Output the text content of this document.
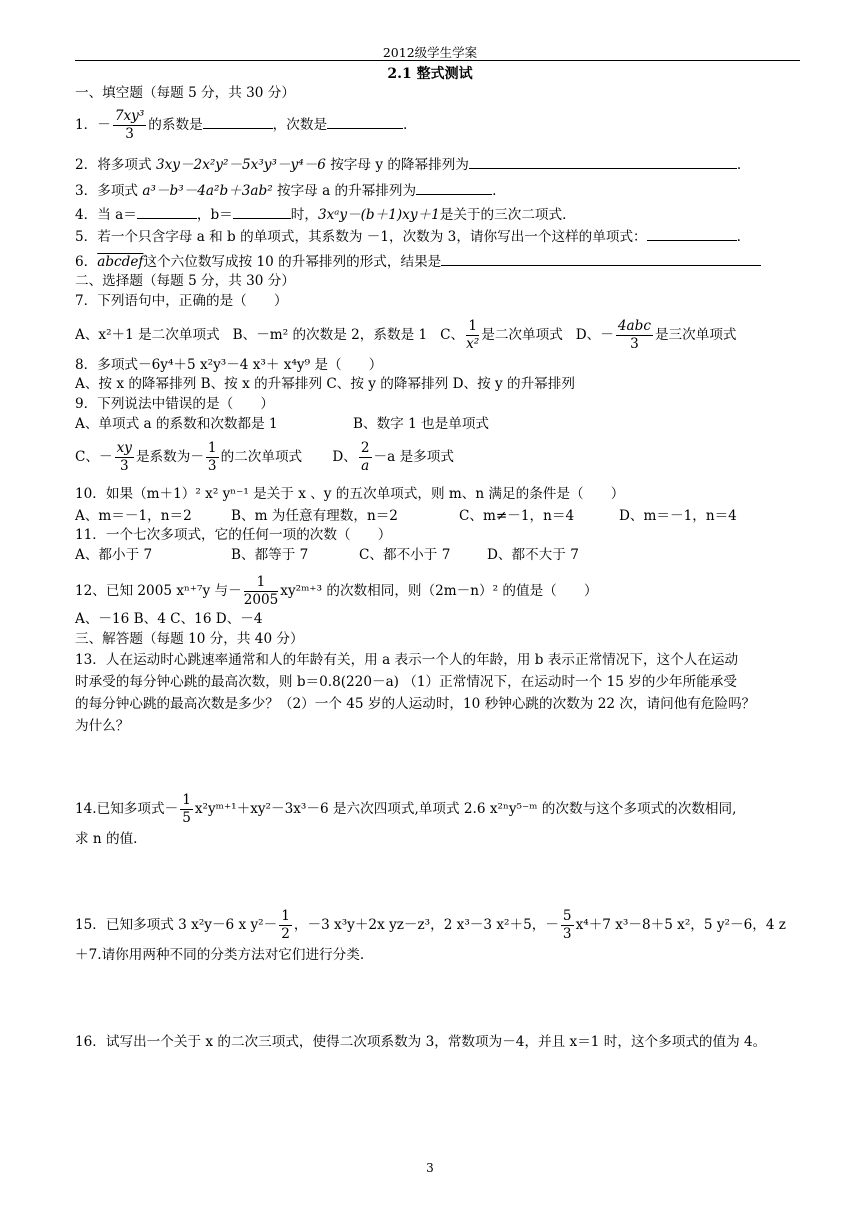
2012级学生学案
2.1 整式测试
一、填空题（每题 5 分，共 30 分）
1．－ $\frac{\text{7xy³}}{3}$ 的系数是	，次数是	.
2．将多项式 3xy－2x²y²－5x³y³－y⁴－6 按字母 y 的降幂排列为	.
3．多项式 a³－b³－4a²b＋3ab² 按字母 a 的升幂排列为	.
4．当 a＝	，b＝	时，3xᵃy－(b＋1)xy＋1是关于的三次二项式.
5．若一个只含字母 a 和 b 的单项式，其系数为 －1，次数为 3，请你写出一个这样的单项式：	.
6．abcdef这个六位数写成按 10 的升幂排列的形式，结果是
二、选择题（每题 5 分，共 30 分）
7．下列语句中，正确的是（　　）
A、x²＋1 是二次单项式 B、－m² 的次数是 2，系数是 1 C、 $\frac{1}{\text{x²}}$ 是二次单项式 D、－ $\frac{\text{4abc}}{3}$ 是三次单项式
8．多项式－6y⁴＋5 x²y³－4 x³＋ x⁴y⁹ 是（　　）
A、按 x 的降幂排列 B、按 x 的升幂排列 C、按 y 的降幂排列 D、按 y 的升幂排列
9．下列说法中错误的是（　　）
A、单项式 a 的系数和次数都是 1	B、数字 1 也是单项式
C、－ $\frac{xy}{3}$ 是系数为－ $\frac{1}{3}$ 的二次单项式 D、 $\frac{2}{a} -a$ 是多项式
10．如果（m＋1）² x² yⁿ⁻¹ 是关于 x 、y 的五次单项式，则 m、n 满足的条件是（　　）
A、m＝－1，n＝2	B、m 为任意有理数，n＝2	C、m≠－1，n＝4	D、m＝－1，n＝4
11．一个七次多项式，它的任何一项的次数（　　）
A、都小于 7	B、都等于 7	C、都不小于 7	D、都不大于 7
12、已知 2005 xⁿ⁺⁷y 与－ $\frac{1}{2005}$ xy²ᵐ⁺³ 的次数相同，则（2m－n）² 的值是（　　）
A、－16 B、4 C、16 D、－4
三、解答题（每题 10 分，共 40 分）
13．人在运动时心跳速率通常和人的年龄有关，用 a 表示一个人的年龄，用 b 表示正常情况下，这个人在运动
时承受的每分钟心跳的最高次数，则 b＝0.8(220－a) （1）正常情况下，在运动时一个 15 岁的少年所能承受
的每分钟心跳的最高次数是多少？（2）一个 45 岁的人运动时，10 秒钟心跳的次数为 22 次，请问他有危险吗？
为什么？
14.已知多项式－ $\frac{1}{5}$ x²yᵐ⁺¹＋xy²－3x³－6 是六次四项式,单项式 2.6 x²ⁿy⁵⁻ᵐ 的次数与这个多项式的次数相同,
求 n 的值.
15．已知多项式 3 x²y－6 x $y^2- \frac{1}{2}$ ，－3 x³y＋2x yz－z³，2 x³－3 x²＋5，－ $\frac{5}{3} x^4+7$ x³－8＋5 x²，5 y²－6，4 z
＋7.请你用两种不同的分类方法对它们进行分类.
16．试写出一个关于 x 的二次三项式，使得二次项系数为 3，常数项为－4，并且 x＝1 时，这个多项式的值为 4。
3
